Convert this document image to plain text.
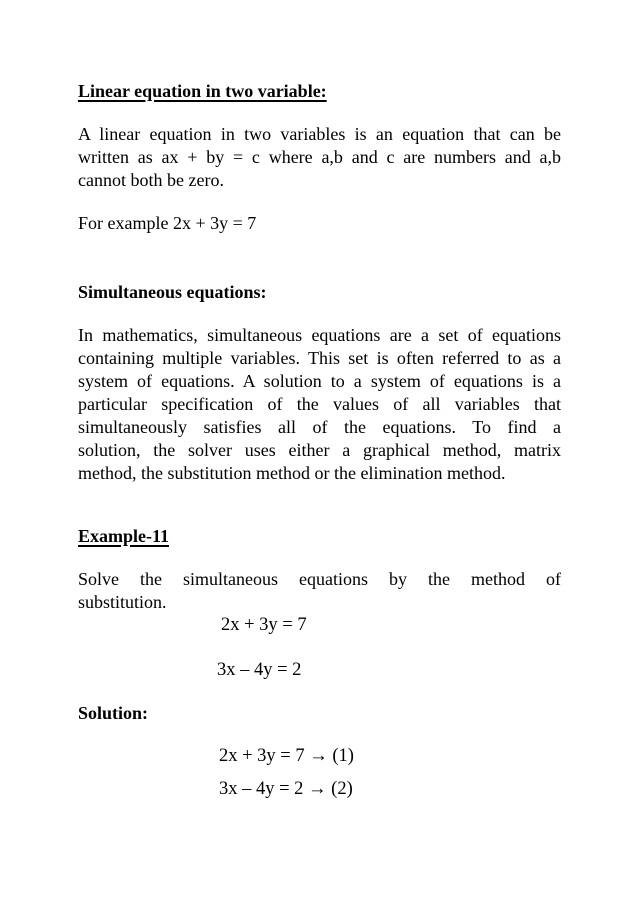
Linear equation in two variable:
A linear equation in two variables is an equation that can be
written as ax + by = c where a,b and c are numbers and a,b
cannot both be zero.
For example 2x + 3y = 7
Simultaneous equations:
In mathematics, simultaneous equations are a set of equations
containing multiple variables. This set is often referred to as a
system of equations. A solution to a system of equations is a
particular specification of the values of all variables that
simultaneously satisfies all of the equations. To find a
solution, the solver uses either a graphical method, matrix
method, the substitution method or the elimination method.
Example-11
Solve the simultaneous equations by the method of
substitution.
2x + 3y = 7
3x – 4y = 2
Solution:
2x + 3y = 7 → (1)
3x – 4y = 2 → (2)
